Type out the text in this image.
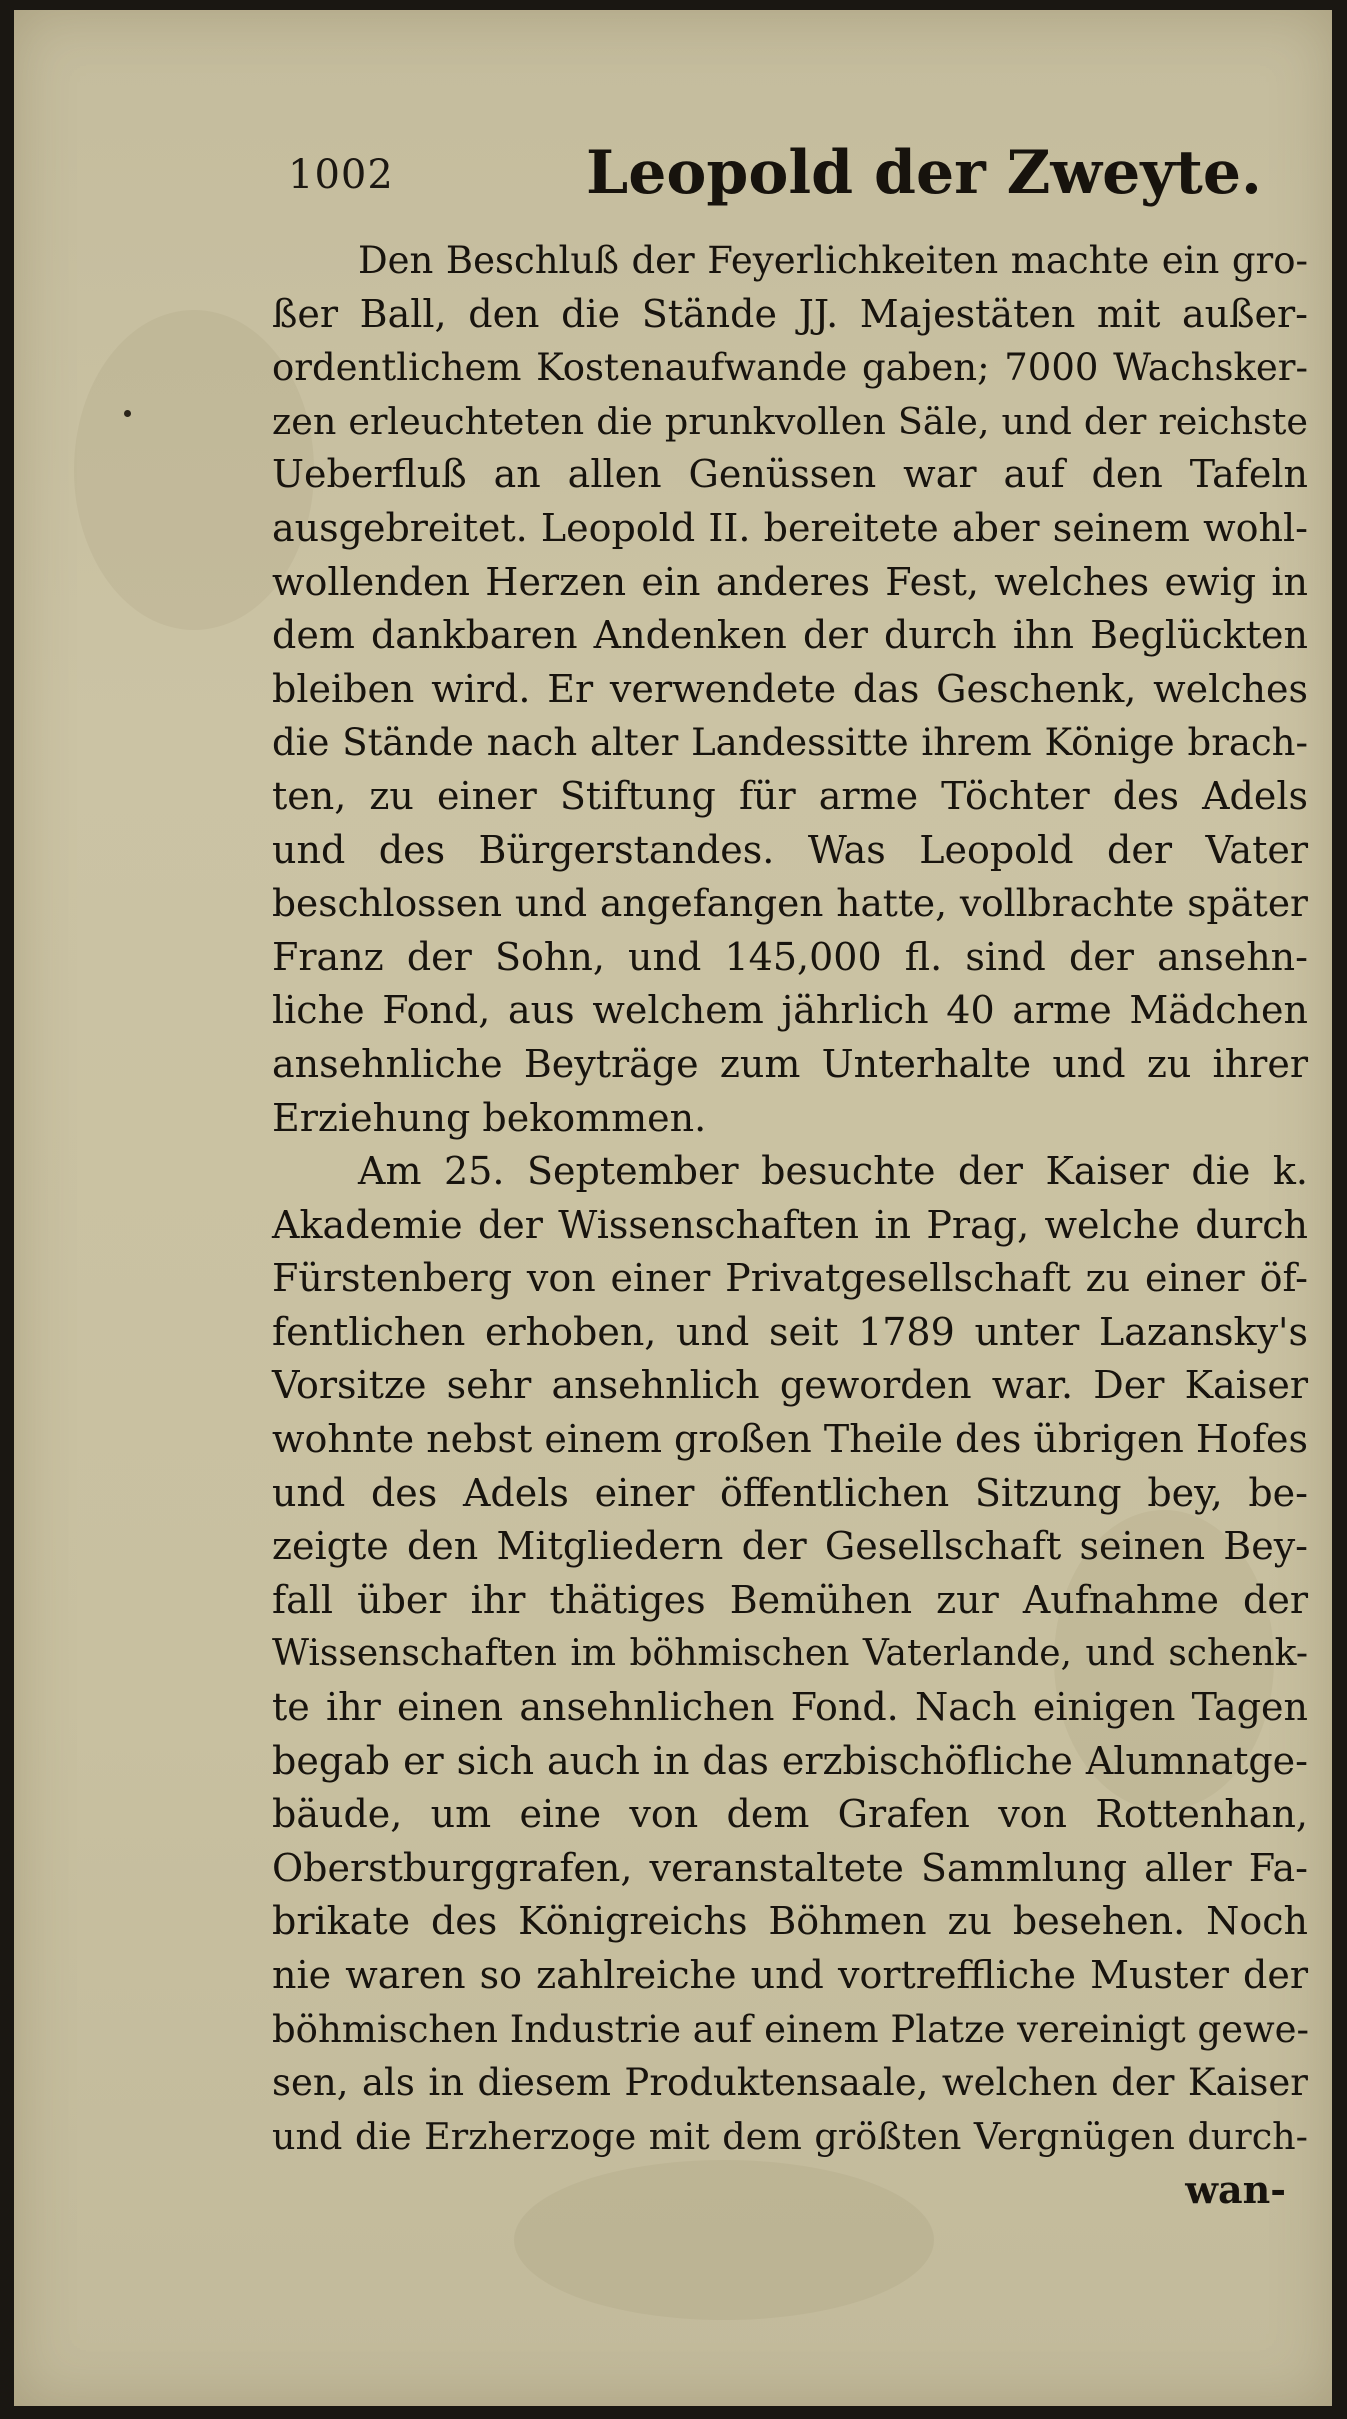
1002	Leopold der Zweyte.
Den Beschluß der Feyerlichkeiten machte ein gro-
ßer Ball, den die Stände JJ. Majestäten mit außer-
ordentlichem Kostenaufwande gaben; 7000 Wachsker-
zen erleuchteten die prunkvollen Säle, und der reichste
Ueberfluß an allen Genüssen war auf den Tafeln
ausgebreitet. Leopold II. bereitete aber seinem wohl-
wollenden Herzen ein anderes Fest, welches ewig in
dem dankbaren Andenken der durch ihn Beglückten
bleiben wird. Er verwendete das Geschenk, welches
die Stände nach alter Landessitte ihrem Könige brach-
ten, zu einer Stiftung für arme Töchter des Adels
und des Bürgerstandes. Was Leopold der Vater
beschlossen und angefangen hatte, vollbrachte später
Franz der Sohn, und 145,000 fl. sind der ansehn-
liche Fond, aus welchem jährlich 40 arme Mädchen
ansehnliche Beyträge zum Unterhalte und zu ihrer
Erziehung bekommen.
Am 25. September besuchte der Kaiser die k.
Akademie der Wissenschaften in Prag, welche durch
Fürstenberg von einer Privatgesellschaft zu einer öf-
fentlichen erhoben, und seit 1789 unter Lazansky's
Vorsitze sehr ansehnlich geworden war. Der Kaiser
wohnte nebst einem großen Theile des übrigen Hofes
und des Adels einer öffentlichen Sitzung bey, be-
zeigte den Mitgliedern der Gesellschaft seinen Bey-
fall über ihr thätiges Bemühen zur Aufnahme der
Wissenschaften im böhmischen Vaterlande, und schenk-
te ihr einen ansehnlichen Fond. Nach einigen Tagen
begab er sich auch in das erzbischöfliche Alumnatge-
bäude, um eine von dem Grafen von Rottenhan,
Oberstburggrafen, veranstaltete Sammlung aller Fa-
brikate des Königreichs Böhmen zu besehen. Noch
nie waren so zahlreiche und vortreffliche Muster der
böhmischen Industrie auf einem Platze vereinigt gewe-
sen, als in diesem Produktensaale, welchen der Kaiser
und die Erzherzoge mit dem größten Vergnügen durch-
wan-
